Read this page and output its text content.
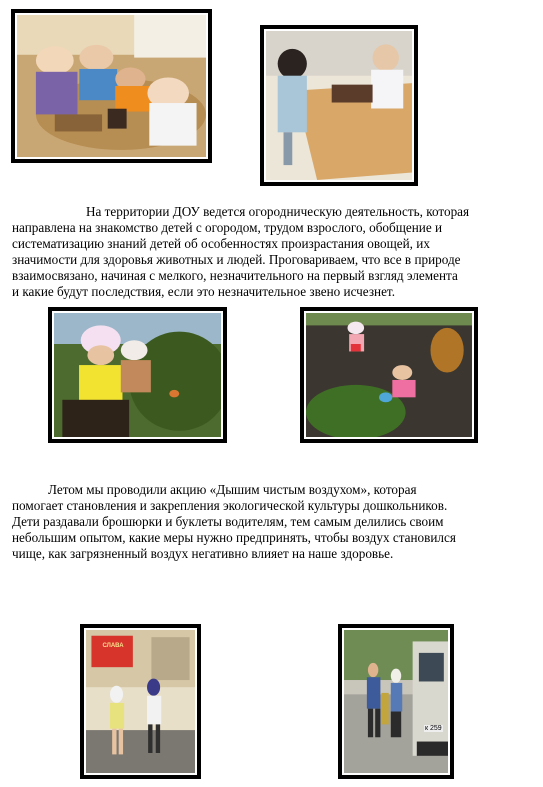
На территории ДОУ ведется огородническую деятельность, которая
направлена на знакомство детей с огородом, трудом взрослого, обобщение и
систематизацию знаний детей об особенностях произрастания овощей, их
значимости для здоровья животных и людей. Проговариваем, что все в природе
взаимосвязано, начиная с мелкого, незначительного на первый взгляд элемента
и какие будут последствия, если это незначительное звено исчезнет.
Летом мы проводили акцию «Дышим чистым воздухом», которая
помогает становления и закрепления экологической культуры дошкольников.
Дети раздавали брошюрки и буклеты водителям, тем самым делились своим
небольшим опытом, какие меры нужно предпринять, чтобы воздух становился
чище, как загрязненный воздух негативно влияет на наше здоровье.
СЛАВА
к 259
